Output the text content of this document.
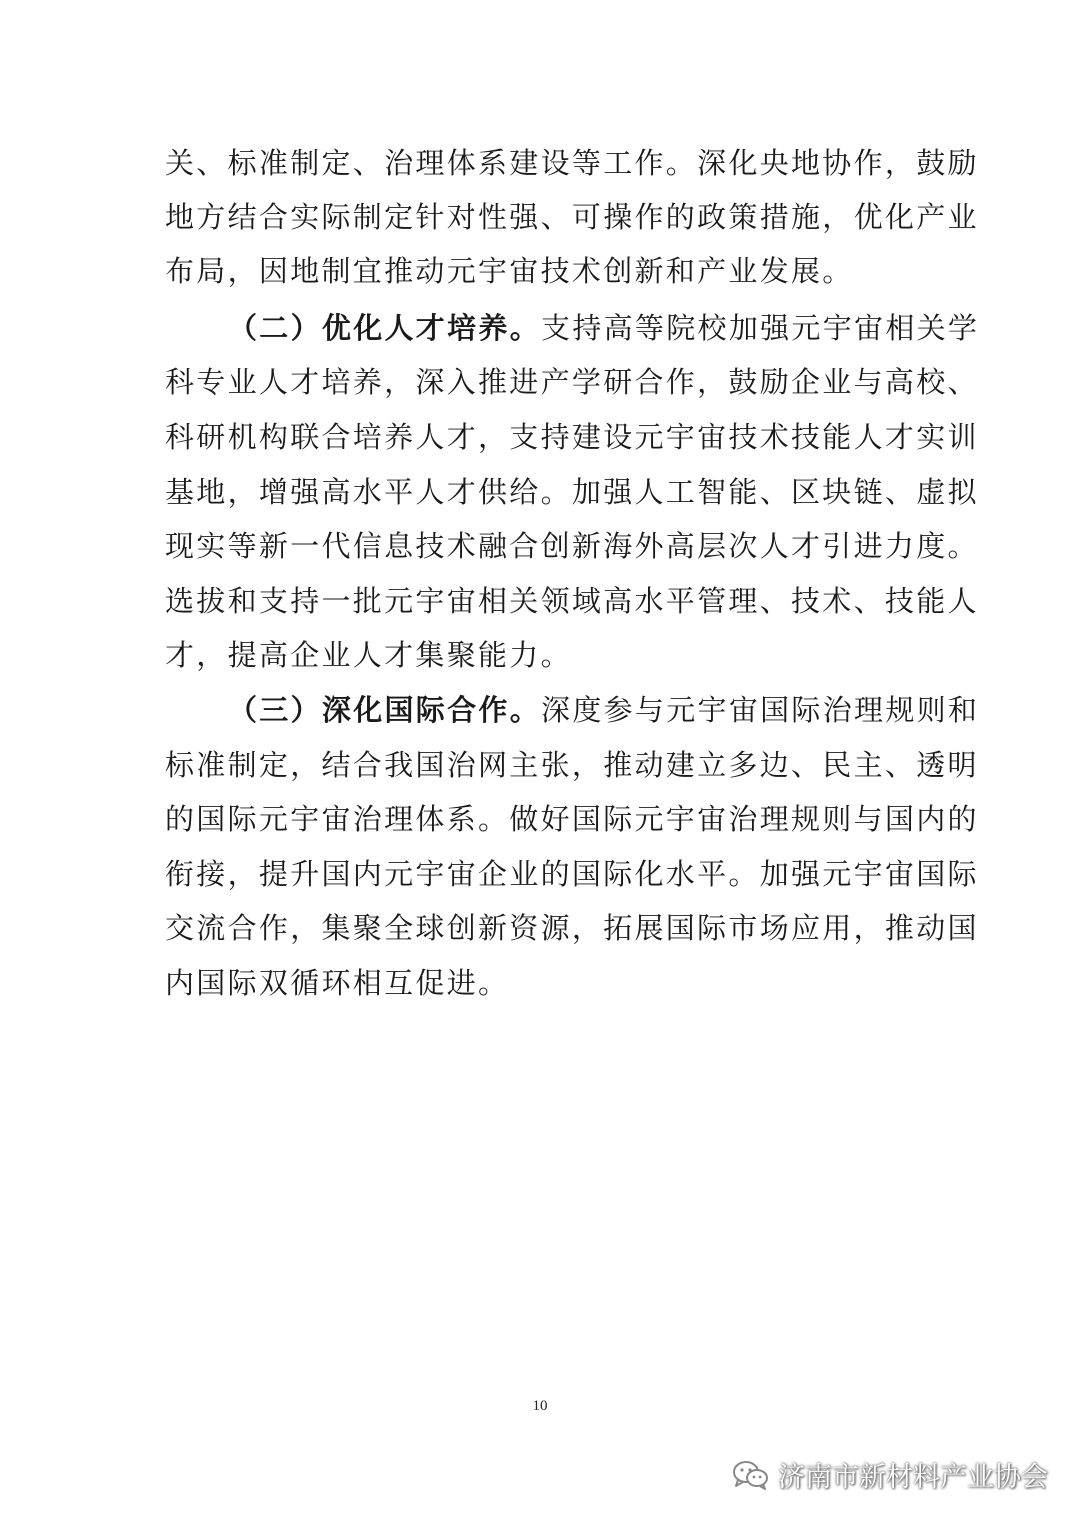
关、标准制定、治理体系建设等工作。深化央地协作，鼓励
地方结合实际制定针对性强、可操作的政策措施，优化产业
布局，因地制宜推动元宇宙技术创新和产业发展。
（二）优化人才培养。支持高等院校加强元宇宙相关学
科专业人才培养，深入推进产学研合作，鼓励企业与高校、
科研机构联合培养人才，支持建设元宇宙技术技能人才实训
基地，增强高水平人才供给。加强人工智能、区块链、虚拟
现实等新一代信息技术融合创新海外高层次人才引进力度。
选拔和支持一批元宇宙相关领域高水平管理、技术、技能人
才，提高企业人才集聚能力。
（三）深化国际合作。深度参与元宇宙国际治理规则和
标准制定，结合我国治网主张，推动建立多边、民主、透明
的国际元宇宙治理体系。做好国际元宇宙治理规则与国内的
衔接，提升国内元宇宙企业的国际化水平。加强元宇宙国际
交流合作，集聚全球创新资源，拓展国际市场应用，推动国
内国际双循环相互促进。
10
济南市新材料产业协会
